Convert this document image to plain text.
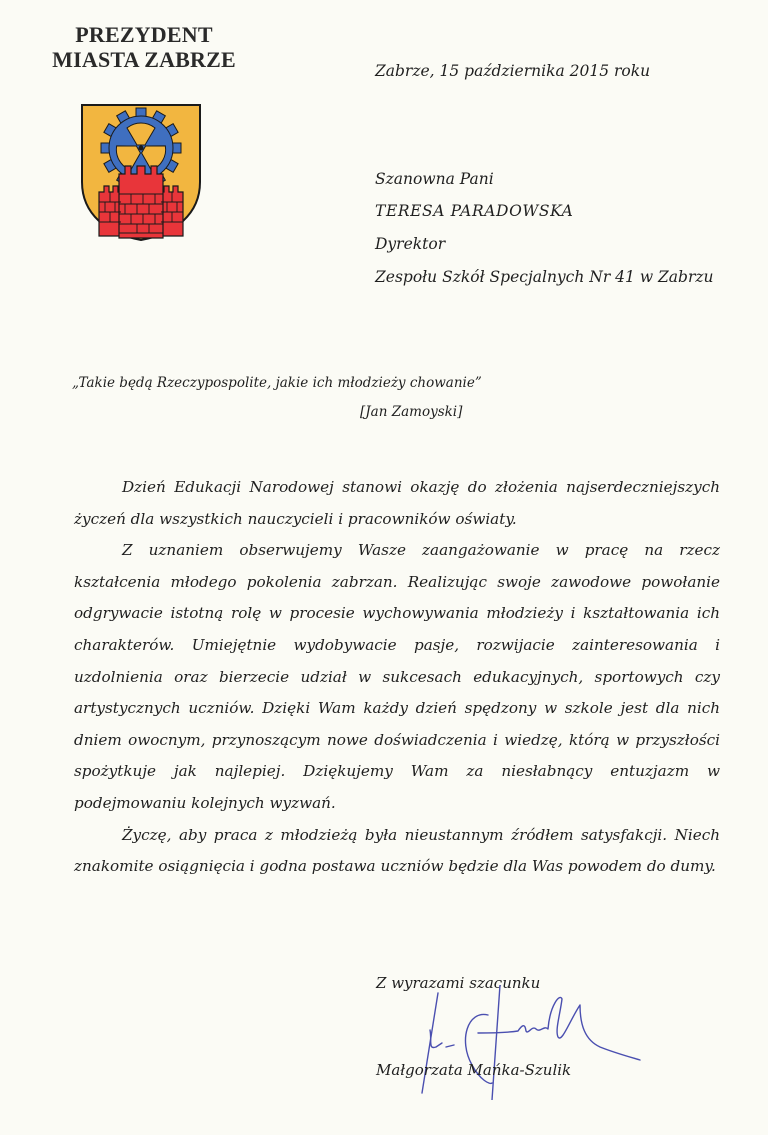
PREZYDENT
MIASTA ZABRZE	Zabrze, 15 października 2015 roku
Szanowna Pani
TERESA PARADOWSKA
Dyrektor
Zespołu Szkół Specjalnych Nr 41 w Zabrzu
„Takie będą Rzeczypospolite, jakie ich młodzieży chowanie”
[Jan Zamoyski]

Dzień Edukacji Narodowej stanowi okazję do złożenia najserdeczniejszych życzeń dla wszystkich nauczycieli i pracowników oświaty.

Z uznaniem obserwujemy Wasze zaangażowanie w pracę na rzecz kształcenia młodego pokolenia zabrzan. Realizując swoje zawodowe powołanie odgrywacie istotną rolę w procesie wychowywania młodzieży i kształtowania ich charakterów. Umiejętnie wydobywacie pasje, rozwijacie zainteresowania i uzdolnienia oraz bierzecie udział w sukcesach edukacyjnych, sportowych czy artystycznych uczniów. Dzięki Wam każdy dzień spędzony w szkole jest dla nich dniem owocnym, przynoszącym nowe doświadczenia i wiedzę, którą w przyszłości spożytkuje jak najlepiej. Dziękujemy Wam za niesłabnący entuzjazm w podejmowaniu kolejnych wyzwań.

Życzę, aby praca z młodzieżą była nieustannym źródłem satysfakcji. Niech znakomite osiągnięcia i godna postawa uczniów będzie dla Was powodem do dumy.

Z wyrazami szacunku
Małgorzata Mańka-Szulik
